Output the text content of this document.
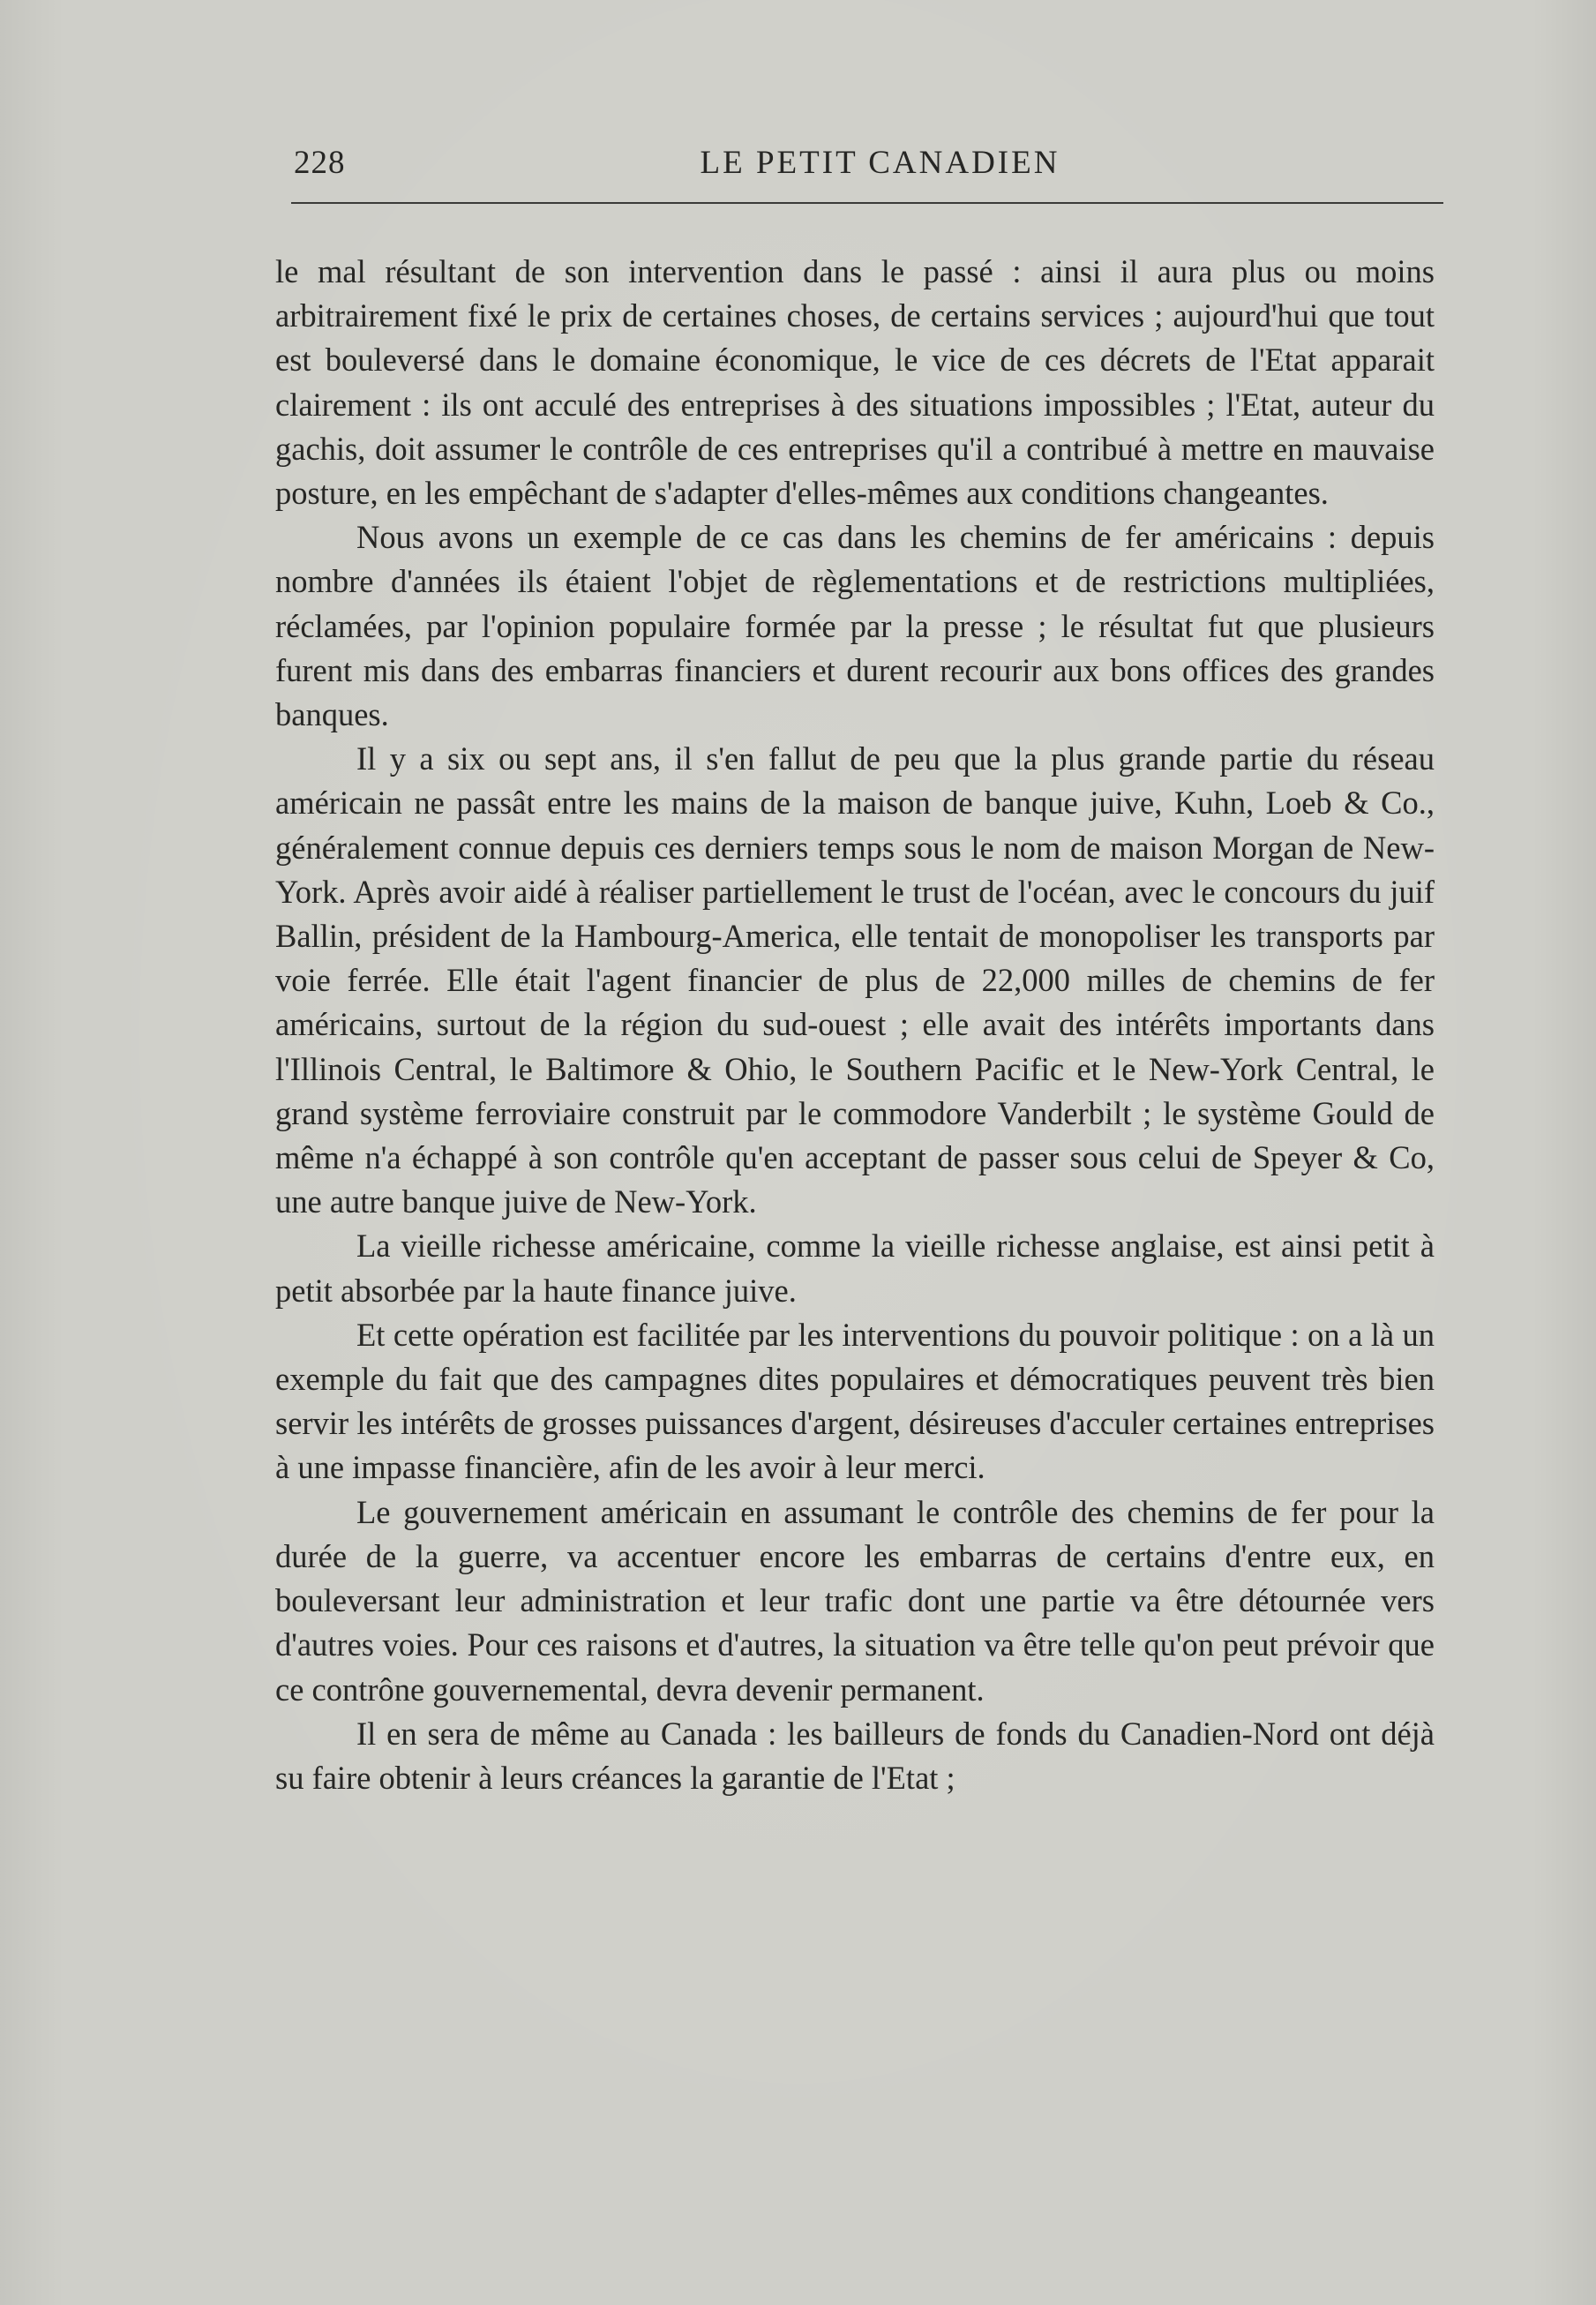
228	LE PETIT CANADIEN

le mal résultant de son intervention dans le passé : ainsi il aura plus ou moins arbitrairement fixé le prix de certaines choses, de certains services ; aujourd'hui que tout est bouleversé dans le domaine économique, le vice de ces décrets de l'Etat apparait clairement : ils ont acculé des entreprises à des situations impossibles ; l'Etat, auteur du gachis, doit assumer le contrôle de ces entreprises qu'il a contribué à mettre en mauvaise posture, en les empêchant de s'adapter d'elles-mêmes aux conditions changeantes.

Nous avons un exemple de ce cas dans les chemins de fer américains : depuis nombre d'années ils étaient l'objet de règlementations et de restrictions multipliées, réclamées, par l'opinion populaire formée par la presse ; le résultat fut que plusieurs furent mis dans des embarras financiers et durent recourir aux bons offices des grandes banques.

Il y a six ou sept ans, il s'en fallut de peu que la plus grande partie du réseau américain ne passât entre les mains de la maison de banque juive, Kuhn, Loeb & Co., généralement connue depuis ces derniers temps sous le nom de maison Morgan de New-York. Après avoir aidé à réaliser partiellement le trust de l'océan, avec le concours du juif Ballin, président de la Hambourg-America, elle tentait de monopoliser les transports par voie ferrée. Elle était l'agent financier de plus de 22,000 milles de chemins de fer américains, surtout de la région du sud-ouest ; elle avait des intérêts importants dans l'Illinois Central, le Baltimore & Ohio, le Southern Pacific et le New-York Central, le grand système ferroviaire construit par le commodore Vanderbilt ; le système Gould de même n'a échappé à son contrôle qu'en acceptant de passer sous celui de Speyer & Co, une autre banque juive de New-York.

La vieille richesse américaine, comme la vieille richesse anglaise, est ainsi petit à petit absorbée par la haute finance juive.

Et cette opération est facilitée par les interventions du pouvoir politique : on a là un exemple du fait que des campagnes dites populaires et démocratiques peuvent très bien servir les intérêts de grosses puissances d'argent, désireuses d'acculer certaines entreprises à une impasse financière, afin de les avoir à leur merci.

Le gouvernement américain en assumant le contrôle des chemins de fer pour la durée de la guerre, va accentuer encore les embarras de certains d'entre eux, en bouleversant leur administration et leur trafic dont une partie va être détournée vers d'autres voies. Pour ces raisons et d'autres, la situation va être telle qu'on peut prévoir que ce contrône gouvernemental, devra devenir permanent.

Il en sera de même au Canada : les bailleurs de fonds du Canadien-Nord ont déjà su faire obtenir à leurs créances la garantie de l'Etat ;
